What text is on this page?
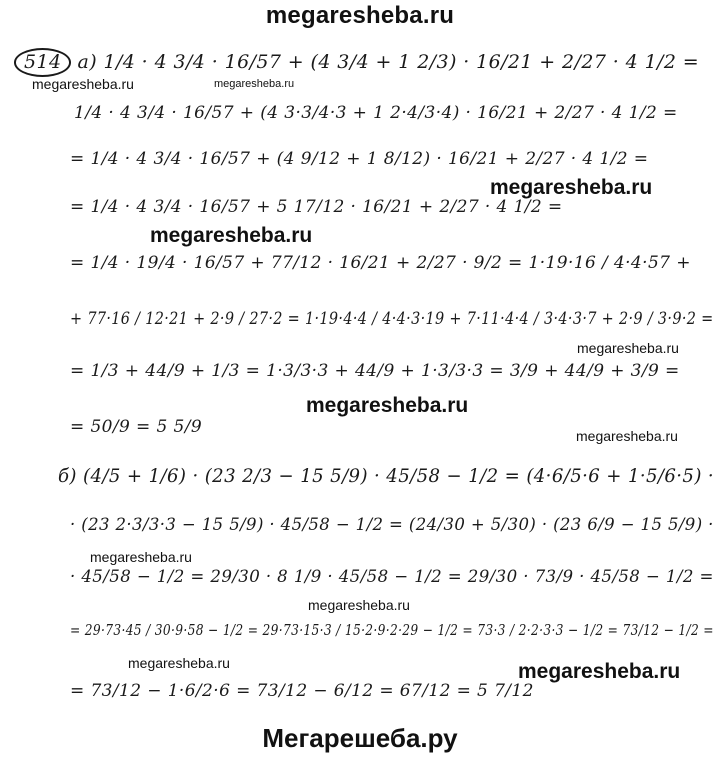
megaresheba.ru
megaresheba.ru	megaresheba.ru
megaresheba.ru
megaresheba.ru
megaresheba.ru
megaresheba.ru
megaresheba.ru
megaresheba.ru
megaresheba.ru
megaresheba.ru	megaresheba.ru
514 а) 1/4 · 4 3/4 · 16/57 + (4 3/4 + 1 2/3) · 16/21 + 2/27 · 4 1/2 =
1/4 · 4 3/4 · 16/57 + (4 3·3/4·3 + 1 2·4/3·4) · 16/21 + 2/27 · 4 1/2 =
= 1/4 · 4 3/4 · 16/57 + (4 9/12 + 1 8/12) · 16/21 + 2/27 · 4 1/2 =
= 1/4 · 4 3/4 · 16/57 + 5 17/12 · 16/21 + 2/27 · 4 1/2 =
= 1/4 · 19/4 · 16/57 + 77/12 · 16/21 + 2/27 · 9/2 = 1·19·16 / 4·4·57 +
+ 77·16 / 12·21 + 2·9 / 27·2 = 1·19·4·4 / 4·4·3·19 + 7·11·4·4 / 3·4·3·7 + 2·9 / 3·9·2 =
= 1/3 + 44/9 + 1/3 = 1·3/3·3 + 44/9 + 1·3/3·3 = 3/9 + 44/9 + 3/9 =
= 50/9 = 5 5/9
б) (4/5 + 1/6) · (23 2/3 − 15 5/9) · 45/58 − 1/2 = (4·6/5·6 + 1·5/6·5) ·
· (23 2·3/3·3 − 15 5/9) · 45/58 − 1/2 = (24/30 + 5/30) · (23 6/9 − 15 5/9) ·
· 45/58 − 1/2 = 29/30 · 8 1/9 · 45/58 − 1/2 = 29/30 · 73/9 · 45/58 − 1/2 =
= 29·73·45 / 30·9·58 − 1/2 = 29·73·15·3 / 15·2·9·2·29 − 1/2 = 73·3 / 2·2·3·3 − 1/2 = 73/12 − 1/2 =
= 73/12 − 1·6/2·6 = 73/12 − 6/12 = 67/12 = 5 7/12
Мегарешеба.ру
